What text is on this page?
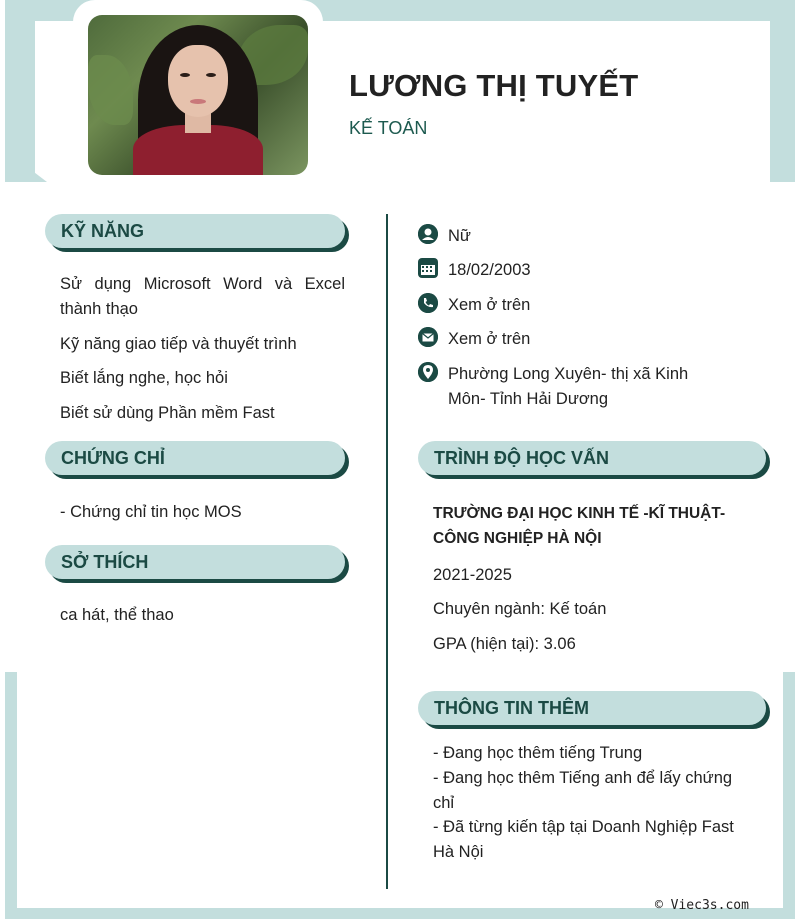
LƯƠNG THỊ TUYẾT
KẾ TOÁN
KỸ NĂNG
Sử dụng Microsoft Word và Excel thành thạo
Kỹ năng giao tiếp và thuyết trình
Biết lắng nghe, học hỏi
Biết sử dùng Phần mềm Fast
CHỨNG CHỈ
- Chứng chỉ tin học MOS
SỞ THÍCH
ca hát, thể thao
Nữ
18/02/2003
Xem ở trên
Xem ở trên
Phường Long Xuyên- thị xã Kinh Môn- Tỉnh Hải Dương
TRÌNH ĐỘ HỌC VẤN
TRƯỜNG ĐẠI HỌC KINH TẾ -KĨ THUẬT-CÔNG NGHIỆP HÀ NỘI
2021-2025
Chuyên ngành: Kế toán
GPA (hiện tại): 3.06
THÔNG TIN THÊM
- Đang học thêm tiếng Trung
- Đang học thêm Tiếng anh để lấy chứng chỉ
- Đã từng kiến tập tại Doanh Nghiệp Fast Hà Nội
© Viec3s.com
